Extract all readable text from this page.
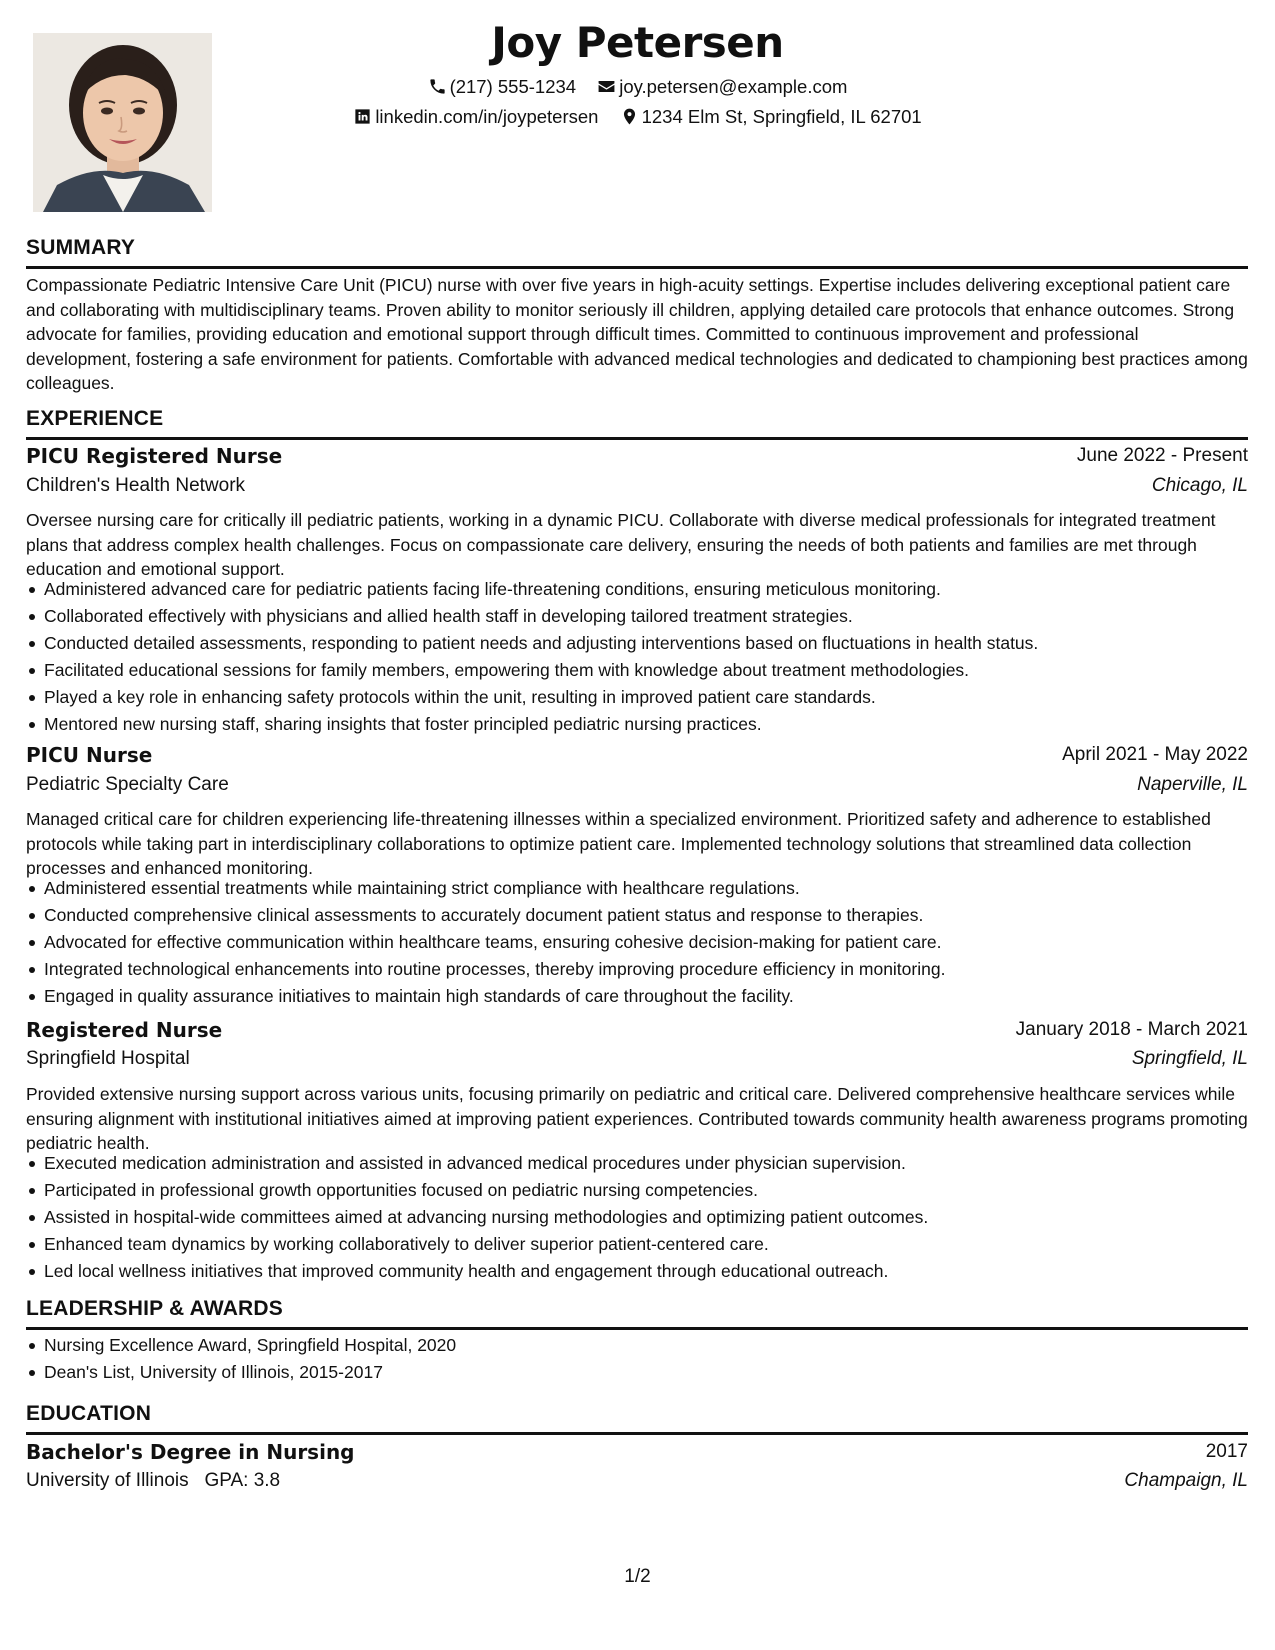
Joy Petersen
(217) 555-1234 joy.petersen@example.com
linkedin.com/in/joypetersen 1234 Elm St, Springfield, IL 62701
SUMMARY
Compassionate Pediatric Intensive Care Unit (PICU) nurse with over five years in high-acuity settings. Expertise includes delivering exceptional patient care and collaborating with multidisciplinary teams. Proven ability to monitor seriously ill children, applying detailed care protocols that enhance outcomes. Strong advocate for families, providing education and emotional support through difficult times. Committed to continuous improvement and professional development, fostering a safe environment for patients. Comfortable with advanced medical technologies and dedicated to championing best practices among colleagues.
EXPERIENCE
PICU Registered Nurse	June 2022 - Present
Children's Health Network	Chicago, IL
Oversee nursing care for critically ill pediatric patients, working in a dynamic PICU. Collaborate with diverse medical professionals for integrated treatment plans that address complex health challenges. Focus on compassionate care delivery, ensuring the needs of both patients and families are met through education and emotional support.
Administered advanced care for pediatric patients facing life-threatening conditions, ensuring meticulous monitoring.
Collaborated effectively with physicians and allied health staff in developing tailored treatment strategies.
Conducted detailed assessments, responding to patient needs and adjusting interventions based on fluctuations in health status.
Facilitated educational sessions for family members, empowering them with knowledge about treatment methodologies.
Played a key role in enhancing safety protocols within the unit, resulting in improved patient care standards.
Mentored new nursing staff, sharing insights that foster principled pediatric nursing practices.
PICU Nurse	April 2021 - May 2022
Pediatric Specialty Care	Naperville, IL
Managed critical care for children experiencing life-threatening illnesses within a specialized environment. Prioritized safety and adherence to established protocols while taking part in interdisciplinary collaborations to optimize patient care. Implemented technology solutions that streamlined data collection processes and enhanced monitoring.
Administered essential treatments while maintaining strict compliance with healthcare regulations.
Conducted comprehensive clinical assessments to accurately document patient status and response to therapies.
Advocated for effective communication within healthcare teams, ensuring cohesive decision-making for patient care.
Integrated technological enhancements into routine processes, thereby improving procedure efficiency in monitoring.
Engaged in quality assurance initiatives to maintain high standards of care throughout the facility.
Registered Nurse	January 2018 - March 2021
Springfield Hospital	Springfield, IL
Provided extensive nursing support across various units, focusing primarily on pediatric and critical care. Delivered comprehensive healthcare services while ensuring alignment with institutional initiatives aimed at improving patient experiences. Contributed towards community health awareness programs promoting pediatric health.
Executed medication administration and assisted in advanced medical procedures under physician supervision.
Participated in professional growth opportunities focused on pediatric nursing competencies.
Assisted in hospital-wide committees aimed at advancing nursing methodologies and optimizing patient outcomes.
Enhanced team dynamics by working collaboratively to deliver superior patient-centered care.
Led local wellness initiatives that improved community health and engagement through educational outreach.
LEADERSHIP & AWARDS
Nursing Excellence Award, Springfield Hospital, 2020
Dean's List, University of Illinois, 2015-2017
EDUCATION
Bachelor's Degree in Nursing	2017
University of Illinois   GPA: 3.8	Champaign, IL
1/2
